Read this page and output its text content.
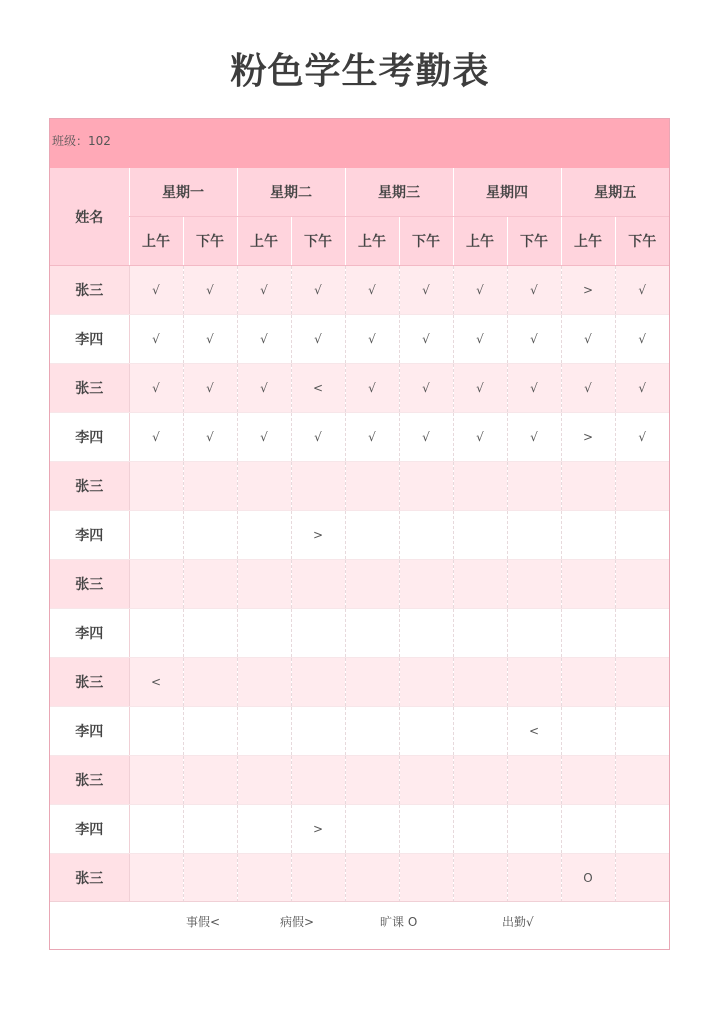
粉色学生考勤表
班级：102
姓名	星期一		星期二		星期三		星期四		星期五	
	上午	下午	上午	下午	上午	下午	上午	下午	上午	下午
张三	√	√	√	√	√	√	√	√	>	√
李四	√	√	√	√	√	√	√	√	√	√
张三	√	√	√	<	√	√	√	√	√	√
李四	√	√	√	√	√	√	√	√	>	√
张三										
李四				>						
张三										
李四										
张三	<									
李四								<		
张三										
李四				>						
张三									O	
事假<	病假>	旷课 O	出勤√
